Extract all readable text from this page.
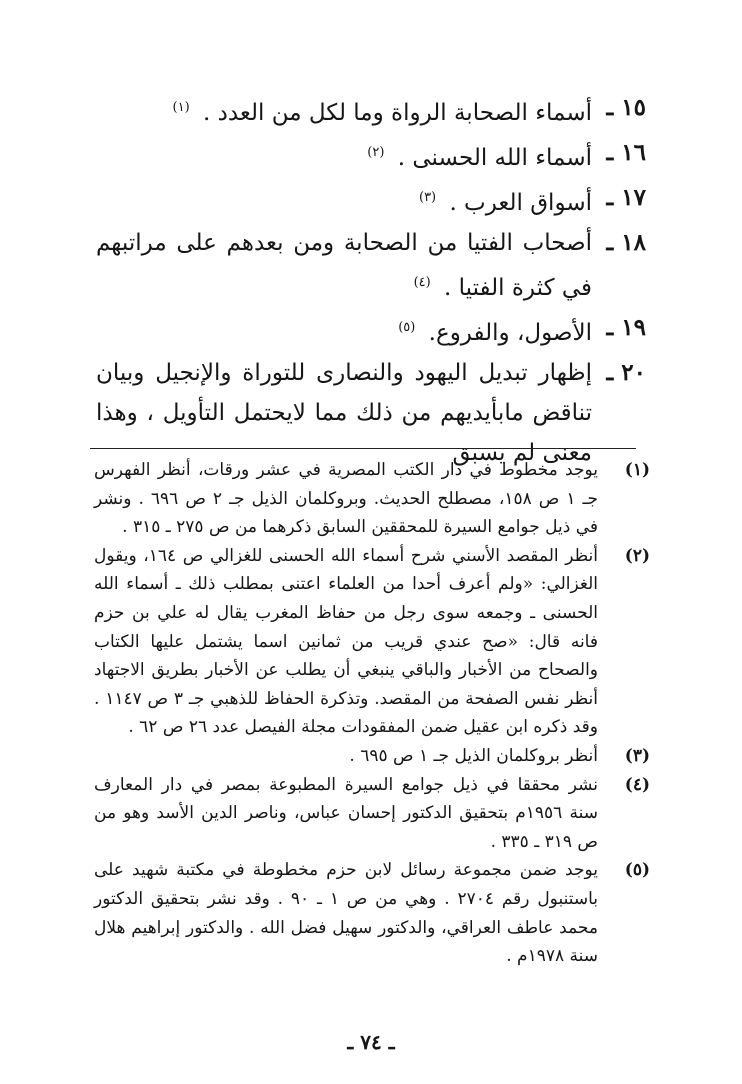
١٥ ـ
أسماء الصحابة الرواة وما لكل من العدد . $^{(١)}$
١٦ ـ
أسماء الله الحسنى . $^{(٢)}$
١٧ ـ
أسواق العرب . $^{(٣)}$
١٨ ـ
أصحاب الفتيا من الصحابة ومن بعدهم على مراتبهم في كثرة الفتيا . $^{(٤)}$
١٩ ـ
الأصول، والفروع. $^{(٥)}$
٢٠ ـ
إظهار تبديل اليهود والنصارى للتوراة والإنجيل وبيان تناقض مابأيديهم من ذلك مما لايحتمل التأويل ، وهذا معنى لم يسبق
(١)
يوجد مخطوط في دار الكتب المصرية في عشر ورقات، أنظر الفهرس جـ ١ ص ١٥٨، مصطلح الحديث. وبروكلمان الذيل جـ ٢ ص ٦٩٦ . ونشر في ذيل جوامع السيرة للمحققين السابق ذكرهما من ص ٢٧٥ ـ ٣١٥ .
(٢)
أنظر المقصد الأسني شرح أسماء الله الحسنى للغزالي ص ١٦٤، ويقول الغزالي: «ولم أعرف أحدا من العلماء اعتنى بمطلب ذلك ـ أسماء الله الحسنى ـ وجمعه سوى رجل من حفاظ المغرب يقال له علي بن حزم فانه قال: «صح عندي قريب من ثمانين اسما يشتمل عليها الكتاب والصحاح من الأخبار والباقي ينبغي أن يطلب عن الأخبار بطريق الاجتهاد أنظر نفس الصفحة من المقصد. وتذكرة الحفاظ للذهبي جـ ٣ ص ١١٤٧ . وقد ذكره ابن عقيل ضمن المفقودات مجلة الفيصل عدد ٢٦ ص ٦٢ .
(٣)
أنظر بروكلمان الذيل جـ ١ ص ٦٩٥ .
(٤)
نشر محققا في ذيل جوامع السيرة المطبوعة بمصر في دار المعارف سنة ١٩٥٦م بتحقيق الدكتور إحسان عباس، وناصر الدين الأسد وهو من ص ٣١٩ ـ ٣٣٥ .
(٥)
يوجد ضمن مجموعة رسائل لابن حزم مخطوطة في مكتبة شهيد على باستنبول رقم ٢٧٠٤ . وهي من ص ١ ـ ٩٠ . وقد نشر بتحقيق الدكتور محمد عاطف العراقي، والدكتور سهيل فضل الله . والدكتور إبراهيم هلال سنة ١٩٧٨م .
ـ ٧٤ ـ
